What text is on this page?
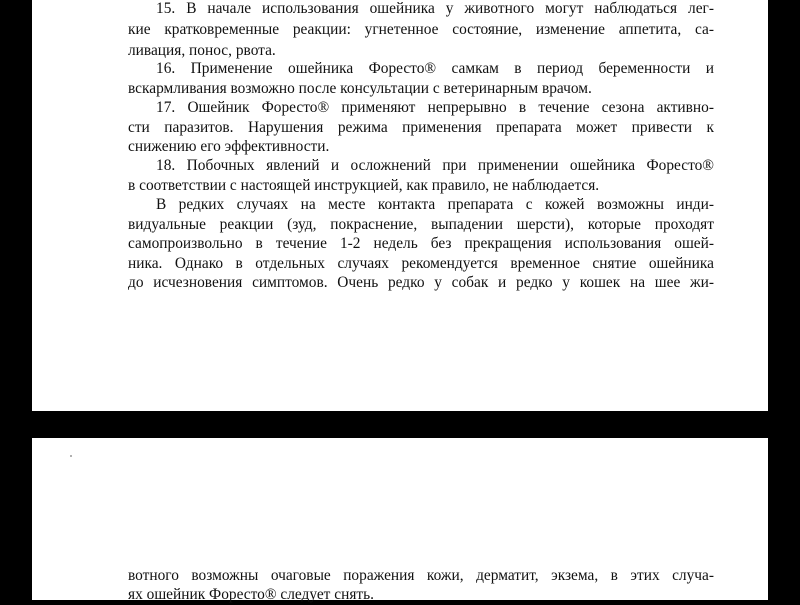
15. В начале использования ошейника у животного могут наблюдаться лег-
кие кратковременные реакции: угнетенное состояние, изменение аппетита, са-
ливация, понос, рвота.
16. Применение ошейника Форесто® самкам в период беременности и
вскармливания возможно после консультации с ветеринарным врачом.
17. Ошейник Форесто® применяют непрерывно в течение сезона активно-
сти паразитов. Нарушения режима применения препарата может привести к
снижению его эффективности.
18. Побочных явлений и осложнений при применении ошейника Форесто®
в соответствии с настоящей инструкцией, как правило, не наблюдается.
В редких случаях на месте контакта препарата с кожей возможны инди-
видуальные реакции (зуд, покраснение, выпадении шерсти), которые проходят
самопроизвольно в течение 1-2 недель без прекращения использования ошей-
ника. Однако в отдельных случаях рекомендуется временное снятие ошейника
до исчезновения симптомов. Очень редко у собак и редко у кошек на шее жи-
вотного возможны очаговые поражения кожи, дерматит, экзема, в этих случа-
ях ошейник Форесто® следует снять.
